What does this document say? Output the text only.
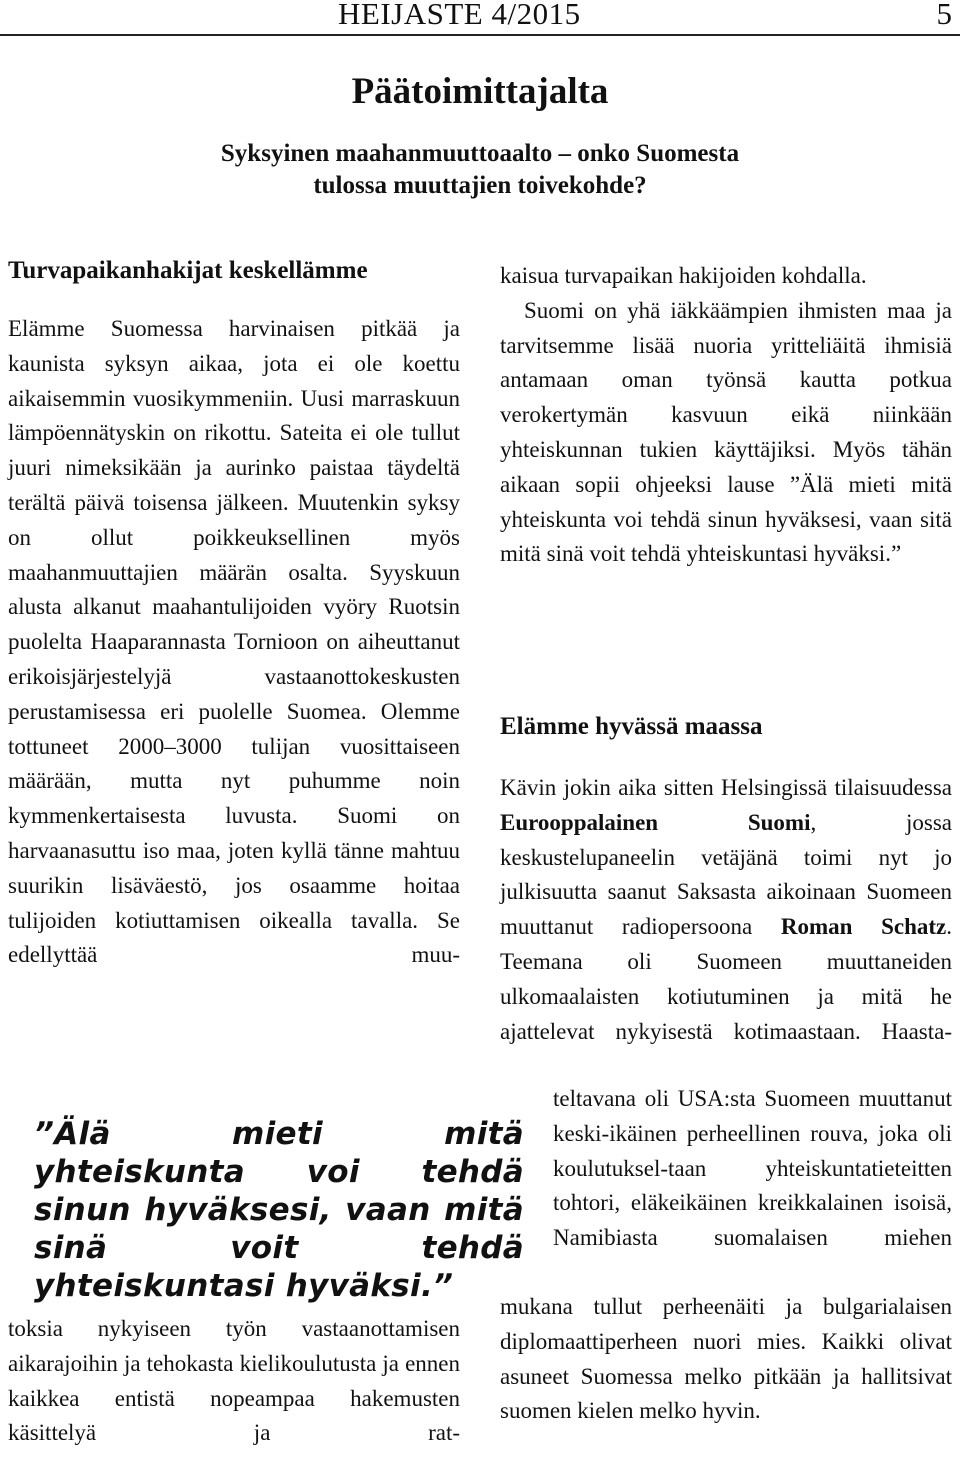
HEIJASTE 4/2015	5
Päätoimittajalta
Syksyinen maahanmuuttoaalto – onko Suomesta
tulossa muuttajien toivekohde?
Turvapaikanhakijat keskellämme

Elämme Suomessa harvinaisen pitkää ja kaunista syksyn aikaa, jota ei ole koettu aikaisemmin vuosikymmeniin. Uusi marraskuun lämpöennätyskin on rikottu. Sateita ei ole tullut juuri nimeksikään ja aurinko paistaa täydeltä terältä päivä toisensa jälkeen. Muutenkin syksy on ollut poikkeuksellinen myös maahanmuuttajien määrän osalta. Syyskuun alusta alkanut maahantulijoiden vyöry Ruotsin puolelta Haaparannasta Tornioon on aiheuttanut erikoisjärjestelyjä vastaanottokeskusten perustamisessa eri puolelle Suomea. Olemme tottuneet 2000–3000 tulijan vuosittaiseen määrään, mutta nyt puhumme noin kymmenkertaisesta luvusta. Suomi on harvaanasuttu iso maa, joten kyllä tänne mahtuu suurikin lisäväestö, jos osaamme hoitaa tulijoiden kotiuttamisen oikealla tavalla. Se edellyttää muu-

”Älä mieti mitä yhteiskunta voi tehdä sinun hyväksesi, vaan mitä sinä voit tehdä yhteiskuntasi hyväksi.”

toksia nykyiseen työn vastaanottamisen aikarajoihin ja tehokasta kielikoulutusta ja ennen kaikkea entistä nopeampaa hakemusten käsittelyä ja rat-

kaisua turvapaikan hakijoiden kohdalla.

Suomi on yhä iäkkäämpien ihmisten maa ja tarvitsemme lisää nuoria yritteliäitä ihmisiä antamaan oman työnsä kautta potkua verokertymän kasvuun eikä niinkään yhteiskunnan tukien käyttäjiksi. Myös tähän aikaan sopii ohjeeksi lause ”Älä mieti mitä yhteiskunta voi tehdä sinun hyväksesi, vaan sitä mitä sinä voit tehdä yhteiskuntasi hyväksi.”

Elämme hyvässä maassa

Kävin jokin aika sitten Helsingissä tilaisuudessa Eurooppalainen Suomi, jossa keskustelupaneelin vetäjänä toimi nyt jo julkisuutta saanut Saksasta aikoinaan Suomeen muuttanut radiopersoona Roman Schatz. Teemana oli Suomeen muuttaneiden ulkomaalaisten kotiutuminen ja mitä he ajattelevat nykyisestä kotimaastaan. Haasta-

teltavana oli USA:sta Suomeen muuttanut keski-ikäinen perheellinen rouva, joka oli koulutuksel-taan yhteiskuntatieteitten tohtori, eläkeikäinen kreikkalainen isoisä, Namibiasta suomalaisen miehen

mukana tullut perheenäiti ja bulgarialaisen diplomaattiperheen nuori mies. Kaikki olivat asuneet Suomessa melko pitkään ja hallitsivat suomen kielen melko hyvin.
